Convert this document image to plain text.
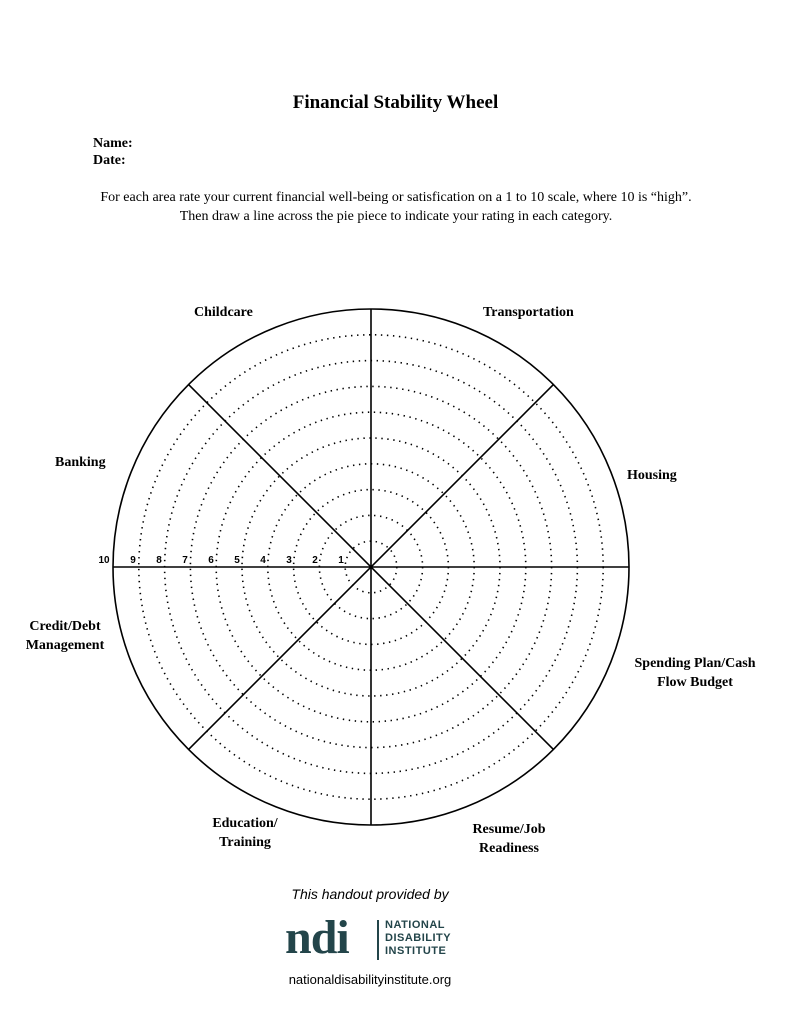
Financial Stability Wheel
Name:
Date:
For each area rate your current financial well-being or satisfication on a 1 to 10 scale, where 10 is “high”. Then draw a line across the pie piece to indicate your rating in each category.
10 9 8 7 6 5 4 3 2 1
Childcare	Transportation
Banking
Housing
Credit/Debt
Management
Spending Plan/Cash
Flow Budget
Education/
Training
Resume/Job
Readiness
This handout provided by
ndi	NATIONAL
DISABILITY
INSTITUTE
nationaldisabilityinstitute.org
